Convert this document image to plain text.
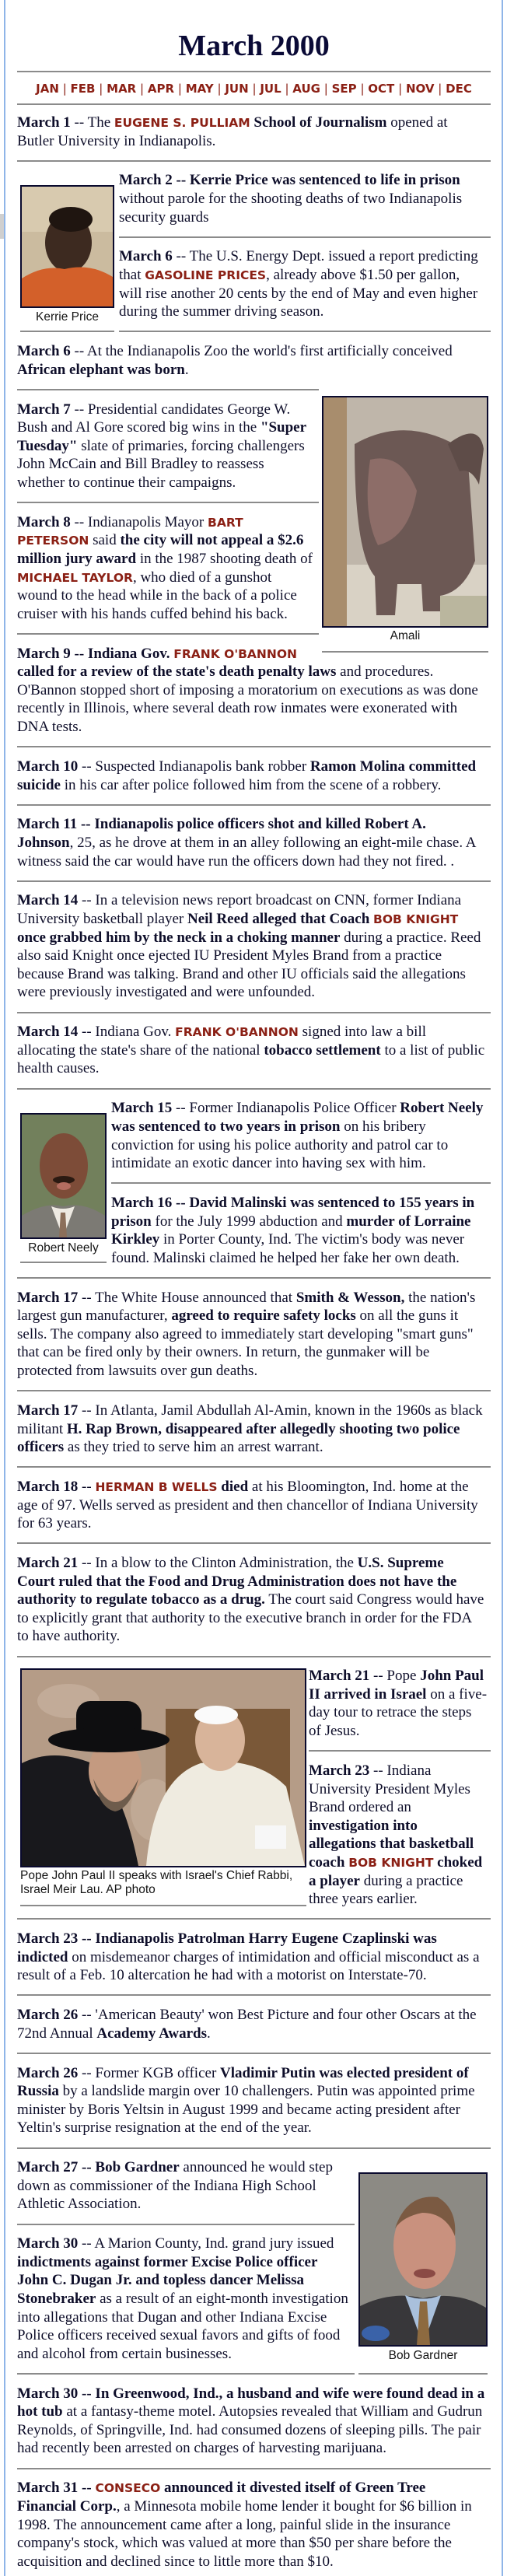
March 2000
JAN | FEB | MAR | APR | MAY | JUN | JUL | AUG | SEP | OCT | NOV | DEC

March 1 -- The EUGENE S. PULLIAM School of Journalism opened at
Butler University in Indianapolis.

Kerrie Price

March 2 -- Kerrie Price was sentenced to life in prison
without parole for the shooting deaths of two Indianapolis
security guards

March 6 -- The U.S. Energy Dept. issued a report predicting
that GASOLINE PRICES, already above $1.50 per gallon,
will rise another 20 cents by the end of May and even higher
during the summer driving season.

March 6 -- At the Indianapolis Zoo the world's first artificially conceived
African elephant was born.

Amali

March 7 -- Presidential candidates George W.
Bush and Al Gore scored big wins in the "Super
Tuesday" slate of primaries, forcing challengers
John McCain and Bill Bradley to reassess
whether to continue their campaigns.

March 8 -- Indianapolis Mayor BART
PETERSON said the city will not appeal a $2.6
million jury award in the 1987 shooting death of
MICHAEL TAYLOR, who died of a gunshot
wound to the head while in the back of a police
cruiser with his hands cuffed behind his back.

March 9 -- Indiana Gov. FRANK O'BANNON
called for a review of the state's death penalty laws and procedures.
O'Bannon stopped short of imposing a moratorium on executions as was done
recently in Illinois, where several death row inmates were exonerated with
DNA tests.

March 10 -- Suspected Indianapolis bank robber Ramon Molina committed
suicide in his car after police followed him from the scene of a robbery.

March 11 -- Indianapolis police officers shot and killed Robert A.
Johnson, 25, as he drove at them in an alley following an eight-mile chase. A
witness said the car would have run the officers down had they not fired. .

March 14 -- In a television news report broadcast on CNN, former Indiana
University basketball player Neil Reed alleged that Coach BOB KNIGHT
once grabbed him by the neck in a choking manner during a practice. Reed
also said Knight once ejected IU President Myles Brand from a practice
because Brand was talking. Brand and other IU officials said the allegations
were previously investigated and were unfounded.

March 14 -- Indiana Gov. FRANK O'BANNON signed into law a bill
allocating the state's share of the national tobacco settlement to a list of public
health causes.

Robert Neely

March 15 -- Former Indianapolis Police Officer Robert Neely
was sentenced to two years in prison on his bribery
conviction for using his police authority and patrol car to
intimidate an exotic dancer into having sex with him.

March 16 -- David Malinski was sentenced to 155 years in
prison for the July 1999 abduction and murder of Lorraine
Kirkley in Porter County, Ind. The victim's body was never
found. Malinski claimed he helped her fake her own death.

March 17 -- The White House announced that Smith & Wesson, the nation's
largest gun manufacturer, agreed to require safety locks on all the guns it
sells. The company also agreed to immediately start developing "smart guns"
that can be fired only by their owners. In return, the gunmaker will be
protected from lawsuits over gun deaths.

March 17 -- In Atlanta, Jamil Abdullah Al-Amin, known in the 1960s as black
militant H. Rap Brown, disappeared after allegedly shooting two police
officers as they tried to serve him an arrest warrant.

March 18 -- HERMAN B WELLS died at his Bloomington, Ind. home at the
age of 97. Wells served as president and then chancellor of Indiana University
for 63 years.

March 21 -- In a blow to the Clinton Administration, the U.S. Supreme
Court ruled that the Food and Drug Administration does not have the
authority to regulate tobacco as a drug. The court said Congress would have
to explicitly grant that authority to the executive branch in order for the FDA
to have authority.

Pope John Paul II speaks with Israel's Chief Rabbi, Israel Meir Lau. AP photo

March 21 -- Pope John Paul
II arrived in Israel on a five-day tour to retrace the steps
of Jesus.

March 23 -- Indiana
University President Myles
Brand ordered an
investigation into
allegations that basketball
coach BOB KNIGHT choked
a player during a practice
three years earlier.

March 23 -- Indianapolis Patrolman Harry Eugene Czaplinski was
indicted on misdemeanor charges of intimidation and official misconduct as a
result of a Feb. 10 altercation he had with a motorist on Interstate-70.

March 26 -- 'American Beauty' won Best Picture and four other Oscars at the
72nd Annual Academy Awards.

March 26 -- Former KGB officer Vladimir Putin was elected president of
Russia by a landslide margin over 10 challengers. Putin was appointed prime
minister by Boris Yeltsin in August 1999 and became acting president after
Yeltin's surprise resignation at the end of the year.

Bob Gardner

March 27 -- Bob Gardner announced he would step
down as commissioner of the Indiana High School
Athletic Association.

March 30 -- A Marion County, Ind. grand jury issued
indictments against former Excise Police officer
John C. Dugan Jr. and topless dancer Melissa
Stonebraker as a result of an eight-month investigation
into allegations that Dugan and other Indiana Excise
Police officers received sexual favors and gifts of food
and alcohol from certain businesses.

March 30 -- In Greenwood, Ind., a husband and wife were found dead in a
hot tub at a fantasy-theme motel. Autopsies revealed that William and Gudrun
Reynolds, of Springville, Ind. had consumed dozens of sleeping pills. The pair
had recently been arrested on charges of harvesting marijuana.

March 31 -- CONSECO announced it divested itself of Green Tree
Financial Corp., a Minnesota mobile home lender it bought for $6 billion in
1998. The announcement came after a long, painful slide in the insurance
company's stock, which was valued at more than $50 per share before the
acquisition and declined since to little more than $10.
